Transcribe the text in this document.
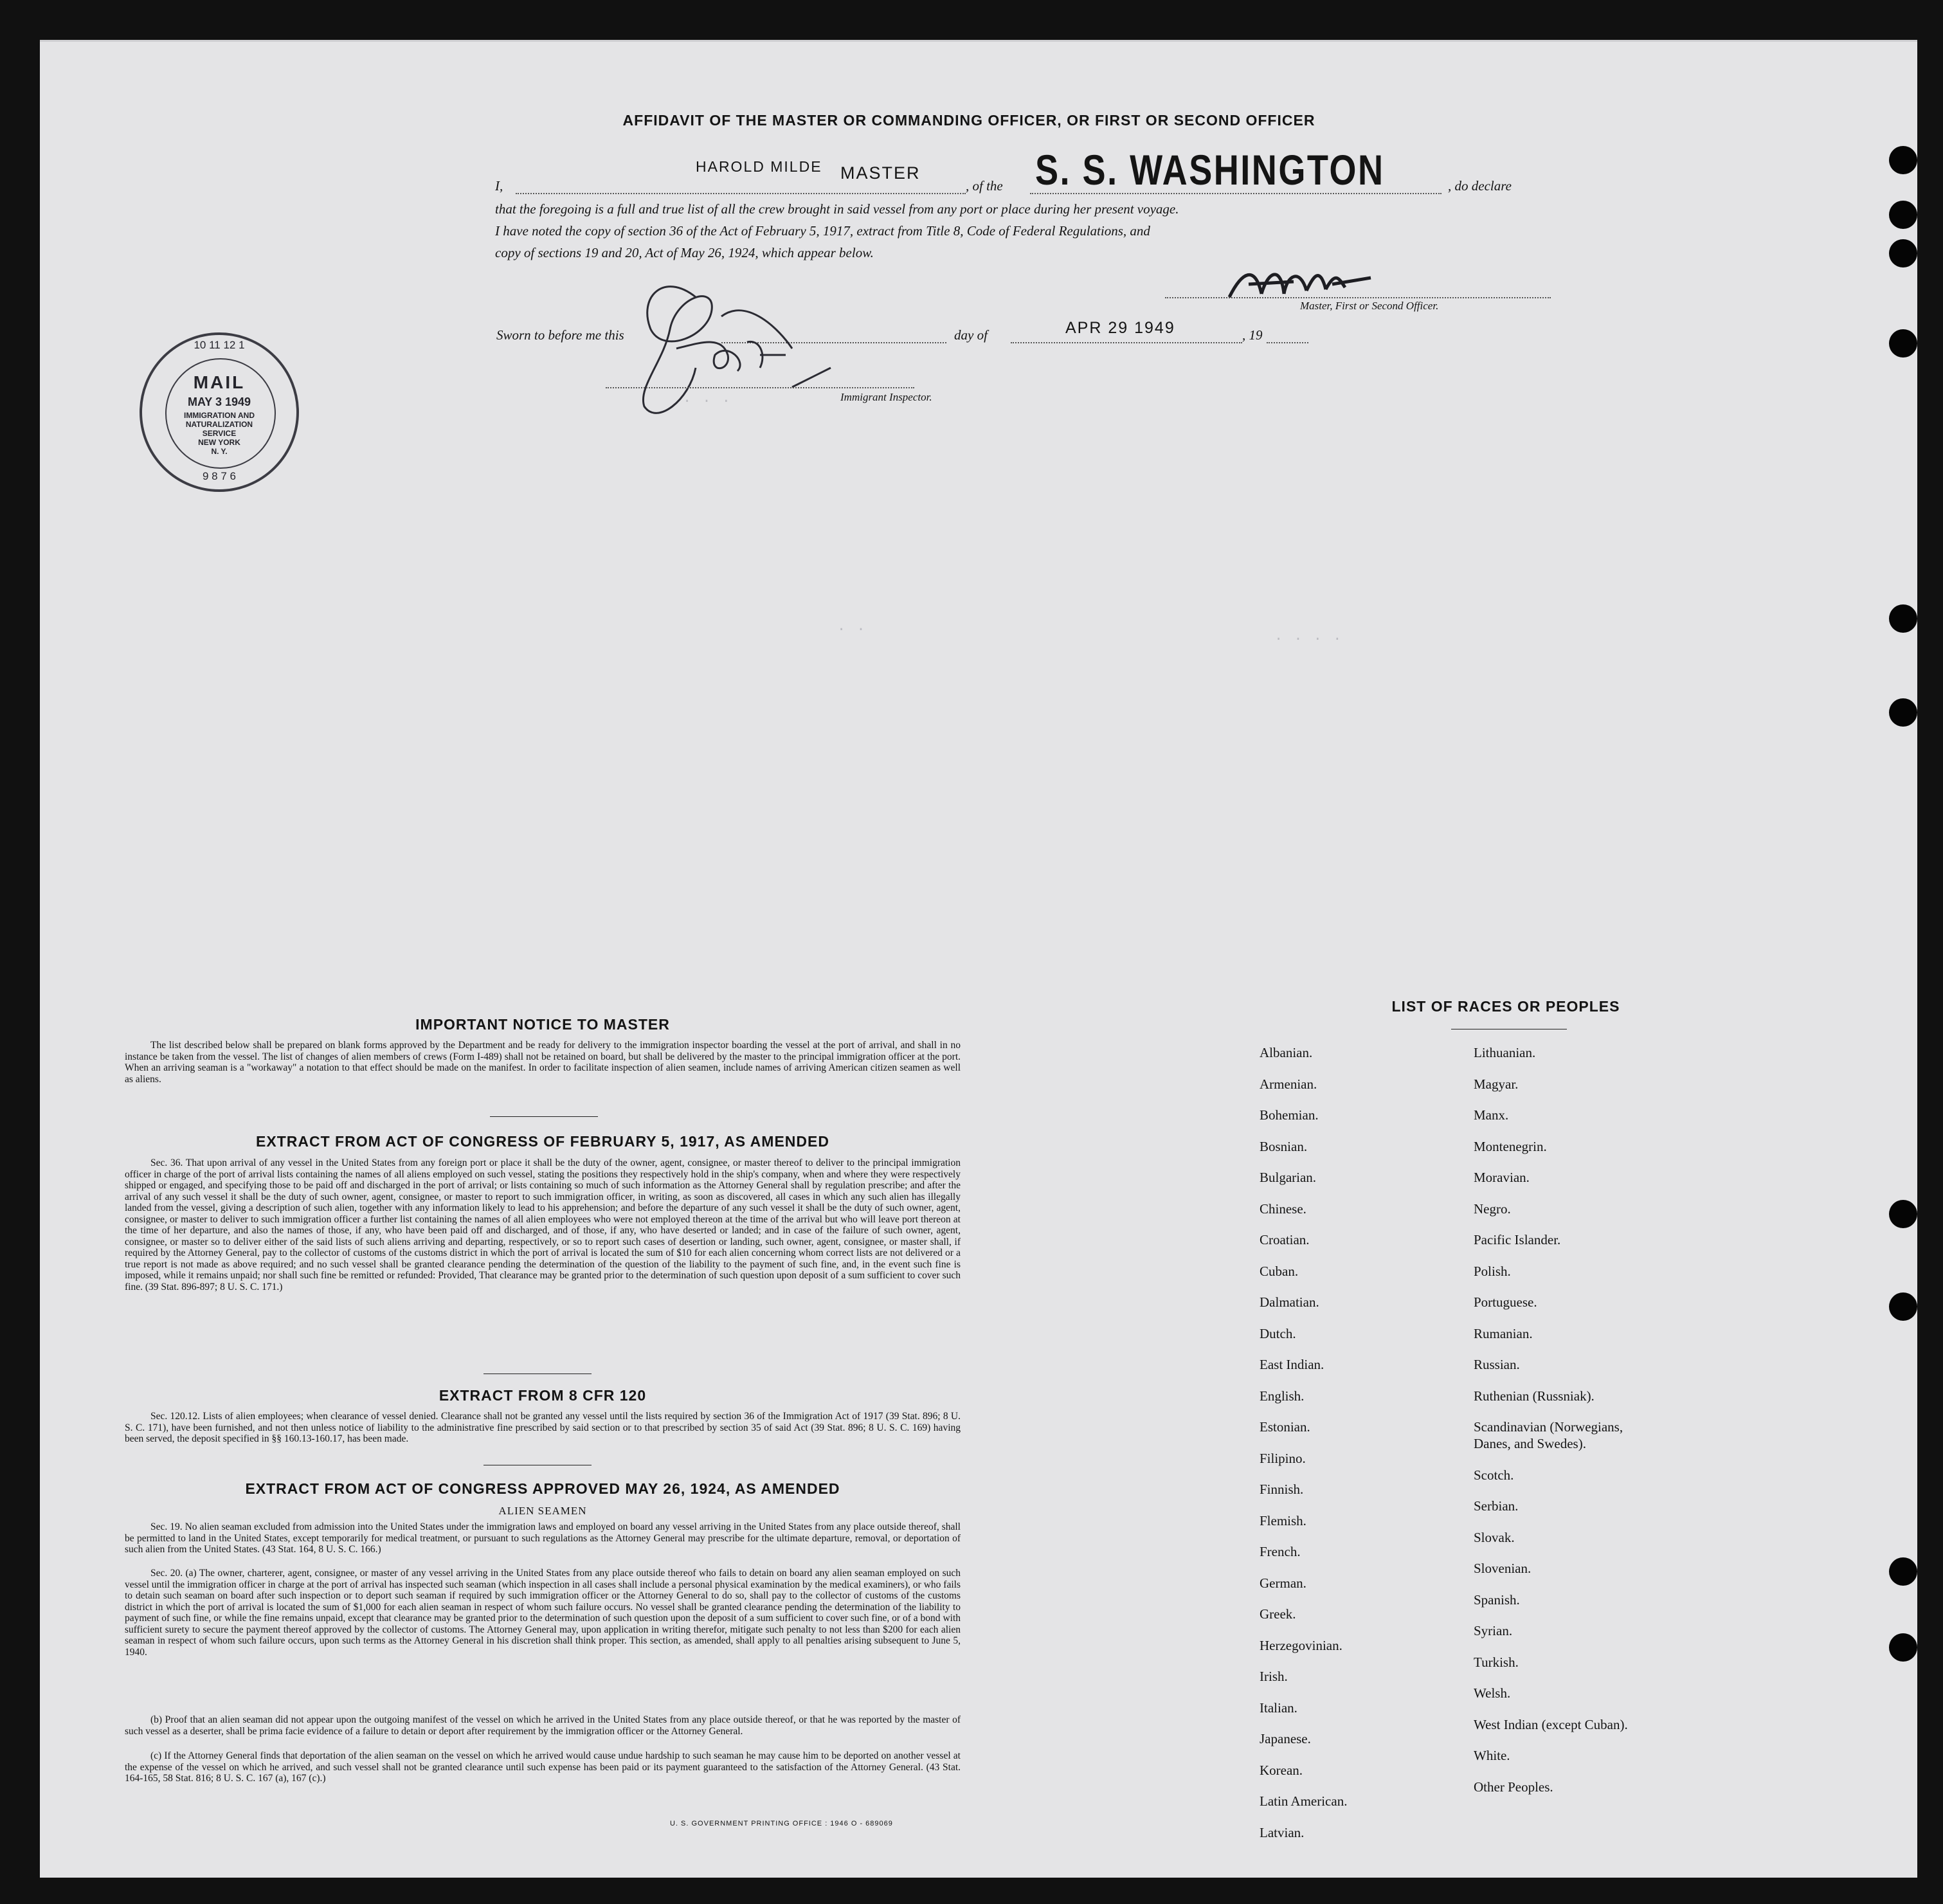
AFFIDAVIT OF THE MASTER OR COMMANDING OFFICER, OR FIRST OR SECOND OFFICER
I,
HAROLD MILDE MASTER
, of the S. S. WASHINGTON	, do declare
that the foregoing is a full and true list of all the crew brought in said vessel from any port or place during her present voyage.
I have noted the copy of section 36 of the Act of February 5, 1917, extract from Title 8, Code of Federal Regulations, and
copy of sections 19 and 20, Act of May 26, 1924, which appear below.
Master, First or Second Officer.
Sworn to before me this	day of	APR 29 1949	, 19
Immigrant Inspector.
10 11 12 1
9 8 7 6
MAIL
MAY 3 1949
IMMIGRATION AND
NATURALIZATION
SERVICE
NEW YORK
N. Y.
. . .
. .
. . . .
IMPORTANT NOTICE TO MASTER
The list described below shall be prepared on blank forms approved by the Department and be ready for delivery to the immigration inspector boarding the vessel at the port of arrival, and shall in no instance be taken from the vessel. The list of changes of alien members of crews (Form I-489) shall not be retained on board, but shall be delivered by the master to the principal immigration officer at the port. When an arriving seaman is a "workaway" a notation to that effect should be made on the manifest. In order to facilitate inspection of alien seamen, include names of arriving American citizen seamen as well as aliens.
EXTRACT FROM ACT OF CONGRESS OF FEBRUARY 5, 1917, AS AMENDED
Sec. 36. That upon arrival of any vessel in the United States from any foreign port or place it shall be the duty of the owner, agent, consignee, or master thereof to deliver to the principal immigration officer in charge of the port of arrival lists containing the names of all aliens employed on such vessel, stating the positions they respectively hold in the ship's company, when and where they were respectively shipped or engaged, and specifying those to be paid off and discharged in the port of arrival; or lists containing so much of such information as the Attorney General shall by regulation prescribe; and after the arrival of any such vessel it shall be the duty of such owner, agent, consignee, or master to report to such immigration officer, in writing, as soon as discovered, all cases in which any such alien has illegally landed from the vessel, giving a description of such alien, together with any information likely to lead to his apprehension; and before the departure of any such vessel it shall be the duty of such owner, agent, consignee, or master to deliver to such immigration officer a further list containing the names of all alien employees who were not employed thereon at the time of the arrival but who will leave port thereon at the time of her departure, and also the names of those, if any, who have been paid off and discharged, and of those, if any, who have deserted or landed; and in case of the failure of such owner, agent, consignee, or master so to deliver either of the said lists of such aliens arriving and departing, respectively, or so to report such cases of desertion or landing, such owner, agent, consignee, or master shall, if required by the Attorney General, pay to the collector of customs of the customs district in which the port of arrival is located the sum of $10 for each alien concerning whom correct lists are not delivered or a true report is not made as above required; and no such vessel shall be granted clearance pending the determination of the question of the liability to the payment of such fine, and, in the event such fine is imposed, while it remains unpaid; nor shall such fine be remitted or refunded: Provided, That clearance may be granted prior to the determination of such question upon deposit of a sum sufficient to cover such fine. (39 Stat. 896-897; 8 U. S. C. 171.)
EXTRACT FROM 8 CFR 120
Sec. 120.12. Lists of alien employees; when clearance of vessel denied. Clearance shall not be granted any vessel until the lists required by section 36 of the Immigration Act of 1917 (39 Stat. 896; 8 U. S. C. 171), have been furnished, and not then unless notice of liability to the administrative fine prescribed by said section or to that prescribed by section 35 of said Act (39 Stat. 896; 8 U. S. C. 169) having been served, the deposit specified in §§ 160.13-160.17, has been made.
EXTRACT FROM ACT OF CONGRESS APPROVED MAY 26, 1924, AS AMENDED
ALIEN SEAMEN
Sec. 19. No alien seaman excluded from admission into the United States under the immigration laws and employed on board any vessel arriving in the United States from any place outside thereof, shall be permitted to land in the United States, except temporarily for medical treatment, or pursuant to such regulations as the Attorney General may prescribe for the ultimate departure, removal, or deportation of such alien from the United States. (43 Stat. 164, 8 U. S. C. 166.)
Sec. 20. (a) The owner, charterer, agent, consignee, or master of any vessel arriving in the United States from any place outside thereof who fails to detain on board any alien seaman employed on such vessel until the immigration officer in charge at the port of arrival has inspected such seaman (which inspection in all cases shall include a personal physical examination by the medical examiners), or who fails to detain such seaman on board after such inspection or to deport such seaman if required by such immigration officer or the Attorney General to do so, shall pay to the collector of customs of the customs district in which the port of arrival is located the sum of $1,000 for each alien seaman in respect of whom such failure occurs. No vessel shall be granted clearance pending the determination of the liability to payment of such fine, or while the fine remains unpaid, except that clearance may be granted prior to the determination of such question upon the deposit of a sum sufficient to cover such fine, or of a bond with sufficient surety to secure the payment thereof approved by the collector of customs. The Attorney General may, upon application in writing therefor, mitigate such penalty to not less than $200 for each alien seaman in respect of whom such failure occurs, upon such terms as the Attorney General in his discretion shall think proper. This section, as amended, shall apply to all penalties arising subsequent to June 5, 1940.
(b) Proof that an alien seaman did not appear upon the outgoing manifest of the vessel on which he arrived in the United States from any place outside thereof, or that he was reported by the master of such vessel as a deserter, shall be prima facie evidence of a failure to detain or deport after requirement by the immigration officer or the Attorney General.
(c) If the Attorney General finds that deportation of the alien seaman on the vessel on which he arrived would cause undue hardship to such seaman he may cause him to be deported on another vessel at the expense of the vessel on which he arrived, and such vessel shall not be granted clearance until such expense has been paid or its payment guaranteed to the satisfaction of the Attorney General. (43 Stat. 164-165, 58 Stat. 816; 8 U. S. C. 167 (a), 167 (c).)
U. S. GOVERNMENT PRINTING OFFICE : 1946 O - 689069
LIST OF RACES OR PEOPLES
Albanian.
Armenian.
Bohemian.
Bosnian.
Bulgarian.
Chinese.
Croatian.
Cuban.
Dalmatian.
Dutch.
East Indian.
English.
Estonian.
Filipino.
Finnish.
Flemish.
French.
German.
Greek.
Herzegovinian.
Irish.
Italian.
Japanese.
Korean.
Latin American.
Latvian.
Lithuanian.
Magyar.
Manx.
Montenegrin.
Moravian.
Negro.
Pacific Islander.
Polish.
Portuguese.
Rumanian.
Russian.
Ruthenian (Russniak).
Scandinavian (Norwegians,
Danes, and Swedes).
Scotch.
Serbian.
Slovak.
Slovenian.
Spanish.
Syrian.
Turkish.
Welsh.
West Indian (except Cuban).
White.
Other Peoples.
